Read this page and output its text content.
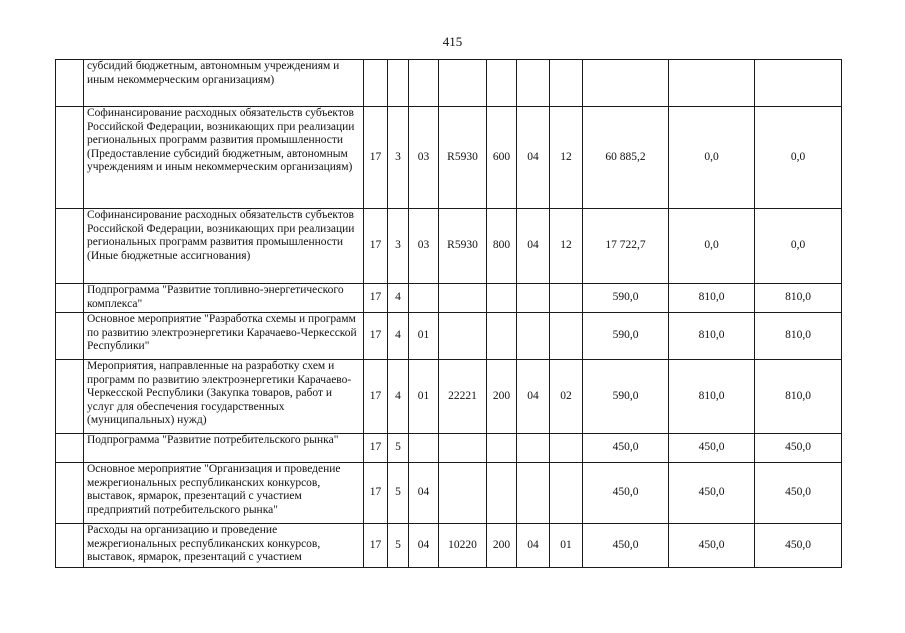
415

	субсидий бюджетным, автономным учреждениям и иным некоммерческим организациям)										

	Софинансирование расходных обязательств субъектов Российской Федерации, возникающих при реализации региональных программ развития промышленности (Предоставление субсидий бюджетным, автономным учреждениям и иным некоммерческим организациям)	17	3	03	R5930	600	04	12	60 885,2	0,0	0,0

	Софинансирование расходных обязательств субъектов Российской Федерации, возникающих при реализации региональных программ развития промышленности (Иные бюджетные ассигнования)	17	3	03	R5930	800	04	12	17 722,7	0,0	0,0

	Подпрограмма "Развитие топливно-энергетического комплекса"	17	4						590,0	810,0	810,0

	Основное мероприятие "Разработка схемы и программ по развитию электроэнергетики Карачаево-Черкесской Республики"	17	4	01					590,0	810,0	810,0

	Мероприятия, направленные на разработку схем и программ по развитию электроэнергетики Карачаево-Черкесской Республики (Закупка товаров, работ и услуг для обеспечения государственных (муниципальных) нужд)	17	4	01	22221	200	04	02	590,0	810,0	810,0

	Подпрограмма "Развитие потребительского рынка"	17	5						450,0	450,0	450,0

	Основное мероприятие "Организация и проведение межрегиональных республиканских конкурсов, выставок, ярмарок, презентаций с участием предприятий потребительского рынка"	17	5	04					450,0	450,0	450,0

	Расходы на организацию и проведение межрегиональных республиканских конкурсов, выставок, ярмарок, презентаций с участием	17	5	04	10220	200	04	01	450,0	450,0	450,0
